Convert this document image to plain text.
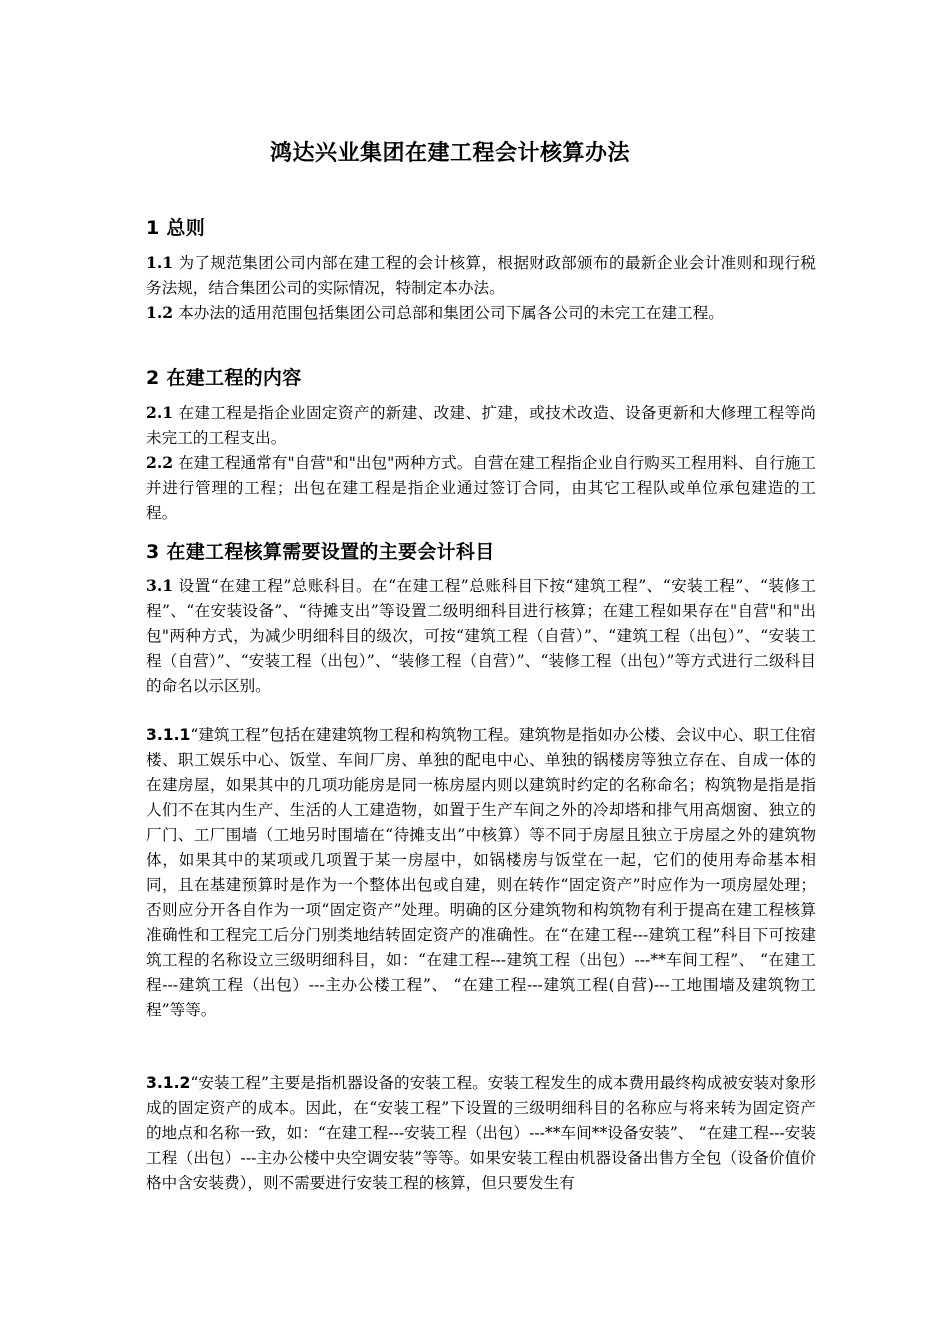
鸿达兴业集团在建工程会计核算办法
1 总则
1.1 为了规范集团公司内部在建工程的会计核算，根据财政部颁布的最新企业会计准则和现行税务法规，结合集团公司的实际情况，特制定本办法。
1.2 本办法的适用范围包括集团公司总部和集团公司下属各公司的未完工在建工程。
2 在建工程的内容
2.1 在建工程是指企业固定资产的新建、改建、扩建，或技术改造、设备更新和大修理工程等尚未完工的工程支出。
2.2 在建工程通常有"自营"和"出包"两种方式。自营在建工程指企业自行购买工程用料、自行施工并进行管理的工程；出包在建工程是指企业通过签订合同，由其它工程队或单位承包建造的工程。
3 在建工程核算需要设置的主要会计科目
3.1 设置“在建工程”总账科目。在“在建工程”总账科目下按“建筑工程”、“安装工程”、“装修工程”、“在安装设备”、“待摊支出”等设置二级明细科目进行核算；在建工程如果存在"自营"和"出包"两种方式，为减少明细科目的级次，可按“建筑工程（自营）”、“建筑工程（出包）”、“安装工程（自营）”、“安装工程（出包）”、“装修工程（自营）”、“装修工程（出包）”等方式进行二级科目的命名以示区别。
3.1.1“建筑工程”包括在建建筑物工程和构筑物工程。建筑物是指如办公楼、会议中心、职工住宿楼、职工娱乐中心、饭堂、车间厂房、单独的配电中心、单独的锅楼房等独立存在、自成一体的在建房屋，如果其中的几项功能房是同一栋房屋内则以建筑时约定的名称命名；构筑物是指是指人们不在其内生产、生活的人工建造物，如置于生产车间之外的冷却塔和排气用高烟窗、独立的厂门、工厂围墙（工地另时围墙在“待摊支出”中核算）等不同于房屋且独立于房屋之外的建筑物体，如果其中的某项或几项置于某一房屋中，如锅楼房与饭堂在一起，它们的使用寿命基本相同，且在基建预算时是作为一个整体出包或自建，则在转作“固定资产”时应作为一项房屋处理；否则应分开各自作为一项“固定资产”处理。明确的区分建筑物和构筑物有利于提高在建工程核算准确性和工程完工后分门别类地结转固定资产的准确性。在“在建工程---建筑工程”科目下可按建筑工程的名称设立三级明细科目，如：“在建工程---建筑工程（出包）---**车间工程”、 “在建工程---建筑工程（出包）---主办公楼工程”、 “在建工程---建筑工程(自营)---工地围墙及建筑物工程”等等。
3.1.2“安装工程”主要是指机器设备的安装工程。安装工程发生的成本费用最终构成被安装对象形成的固定资产的成本。因此，在“安装工程”下设置的三级明细科目的名称应与将来转为固定资产的地点和名称一致，如：“在建工程---安装工程（出包）---**车间**设备安装”、 “在建工程---安装工程（出包）---主办公楼中央空调安装”等等。如果安装工程由机器设备出售方全包（设备价值价格中含安装费），则不需要进行安装工程的核算，但只要发生有
